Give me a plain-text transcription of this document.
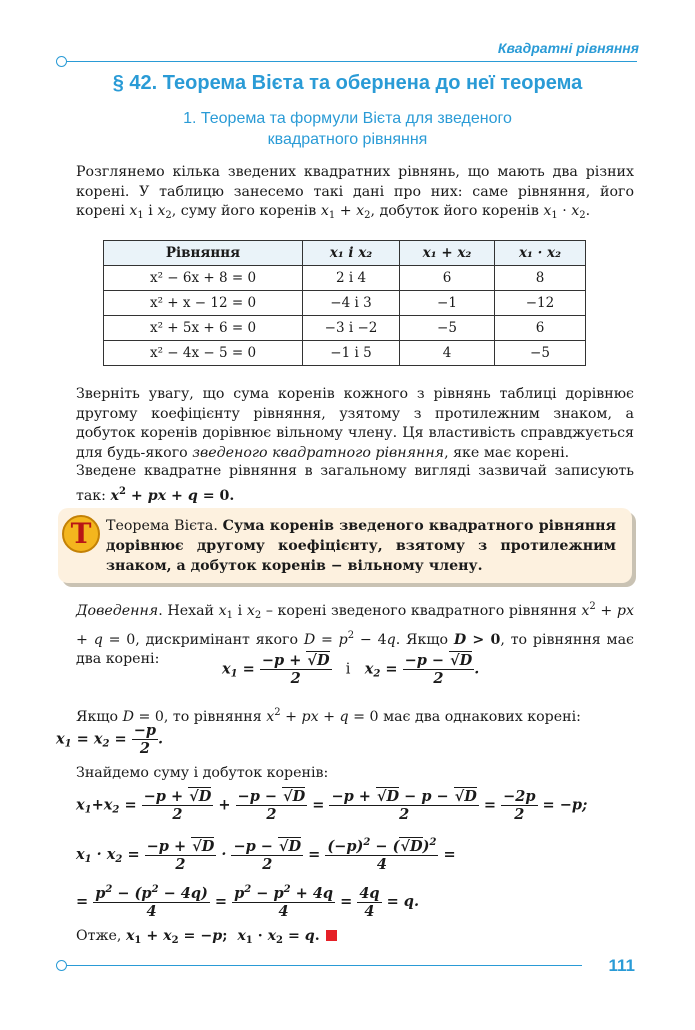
Квадратні рівняння
§ 42. Теорема Вієта та обернена до неї теорема
1. Теорема та формули Вієта для зведеного
квадратного рівняння
Розглянемо кілька зведених квадратних рівнянь, що мають два різних корені. У таблицю занесемо такі дані про них: саме рівняння, його корені $x_1$ і $x_2$, суму його коренів $x_1 + x_2$, добуток його коренів $x_1 \cdot x_2$.
Рівняння	x₁ і x₂	x₁ + x₂	x₁ · x₂
x² − 6x + 8 = 0	2 і 4	6	8
x² + x − 12 = 0	−4 і 3	−1	−12
x² + 5x + 6 = 0	−3 і −2	−5	6
x² − 4x − 5 = 0	−1 і 5	4	−5
Зверніть увагу, що сума коренів кожного з рівнянь таблиці дорівнює другому коефіцієнту рівняння, узятому з протилежним знаком, а добуток коренів дорівнює вільному члену. Ця властивість справджується для будь-якого зведеного квадратного рівняння, яке має корені.
Зведене квадратне рівняння в загальному вигляді зазвичай записують так: $x^2$ + px + q = 0.
Т	Теорема Вієта. Сума коренів зведеного квадратного рівняння дорівнює другому коефіцієнту, взятому з протилежним знаком, а добуток коренів − вільному члену.
Доведення. Нехай $x_1$ і $x_2$ – корені зведеного квадратного рівняння $x^2$ + px + q = 0, дискримінант якого $D = p^2 - 4q$. Якщо D > 0, то рівняння має два корені:
$x_1 = \frac{-p + √D}{2}$ і   $x_2 = \frac{-p - √D}{2}$ .
Якщо D = 0, то рівняння $x^2$ + px + q = 0 має два однакових корені:
$x_1 = x_2 = \frac{-p}{2}$ .
Знайдемо суму і добуток коренів:
$x_1+x_2 = \frac{-p + √D}{2} + \frac{-p - √D}{2} = \frac{-p + √D - p - √D}{2} = \frac{-2p}{2} = -p$;
$x_1 \cdot x_2 = \frac{-p + √D}{2} \cdot \frac{-p - √D}{2} = \frac{(-p)^2 - (√D)^2}{4}$ =
= $\frac{p^2 - (p^2 - 4q)}{4} = \frac{p^2 - p^2 + 4q}{4} = \frac{4q}{4} = q$.
Отже, $x_1 + x_2 = -p$;  $x_1 \cdot x_2 = q$.
111
